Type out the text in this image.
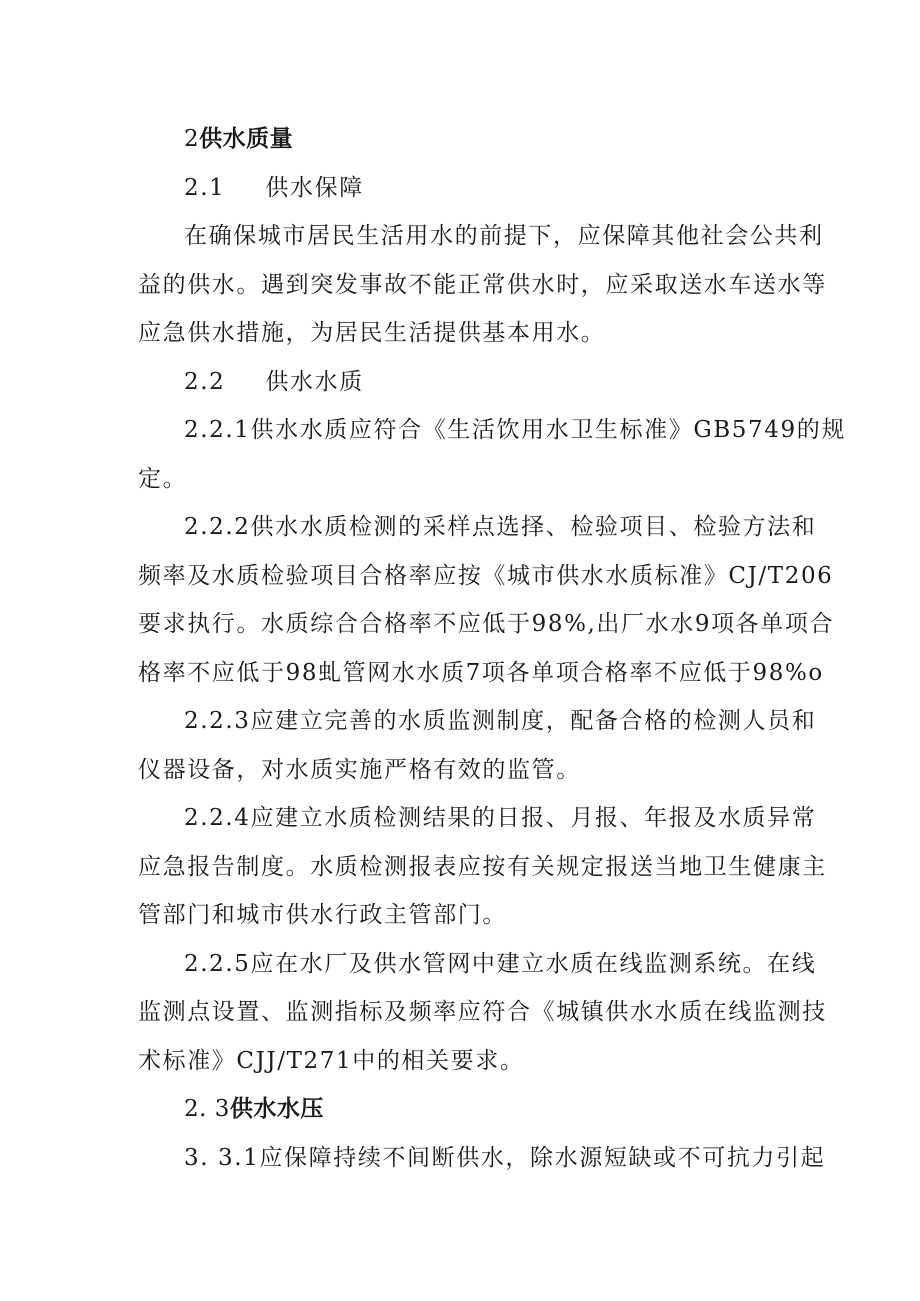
2供水质量
2.1 供水保障
在确保城市居民生活用水的前提下，应保障其他社会公共利
益的供水。遇到突发事故不能正常供水时，应采取送水车送水等
应急供水措施，为居民生活提供基本用水。
2.2 供水水质
2.2.1供水水质应符合《生活饮用水卫生标准》GB5749的规
定。
2.2.2供水水质检测的采样点选择、检验项目、检验方法和
频率及水质检验项目合格率应按《城市供水水质标准》CJ/T206
要求执行。水质综合合格率不应低于98%,出厂水水9项各单项合
格率不应低于98虬管网水水质7项各单项合格率不应低于98%o
2.2.3应建立完善的水质监测制度，配备合格的检测人员和
仪器设备，对水质实施严格有效的监管。
2.2.4应建立水质检测结果的日报、月报、年报及水质异常
应急报告制度。水质检测报表应按有关规定报送当地卫生健康主
管部门和城市供水行政主管部门。
2.2.5应在水厂及供水管网中建立水质在线监测系统。在线
监测点设置、监测指标及频率应符合《城镇供水水质在线监测技
术标准》CJJ/T271中的相关要求。
2. 3供水水压
3. 3.1应保障持续不间断供水，除水源短缺或不可抗力引起
